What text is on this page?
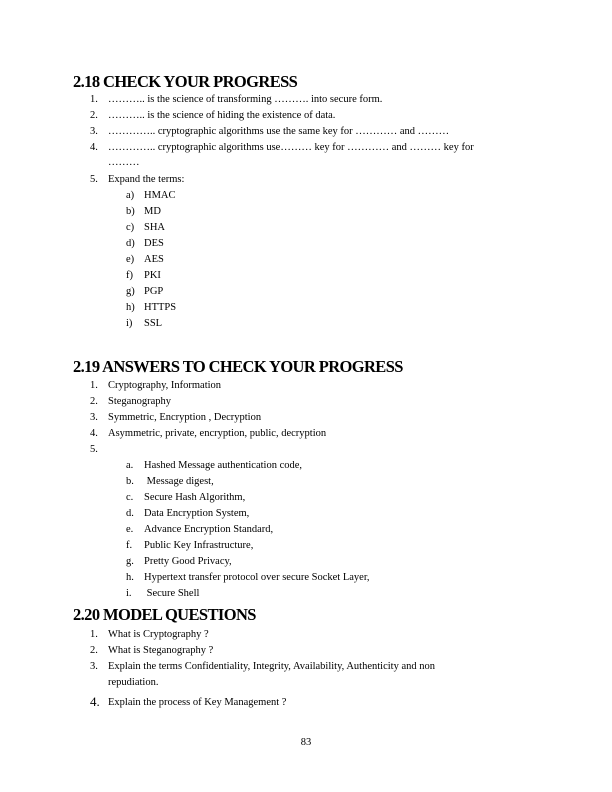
2.18 CHECK YOUR PROGRESS
1. ……….. is the science of transforming ………. into secure form.
2. ……….. is the science of hiding the existence of data.
3. ………….. cryptographic algorithms use the same key for ………… and ………
4. ………….. cryptographic algorithms use……… key for ………… and ……… key for
………
5. Expand the terms:
a) HMAC
b) MD
c) SHA
d) DES
e) AES
f) PKI
g) PGP
h) HTTPS
i) SSL
2.19 ANSWERS TO CHECK YOUR PROGRESS
1. Cryptography, Information
2. Steganography
3. Symmetric, Encryption , Decryption
4. Asymmetric, private, encryption, public, decryption
5.
a. Hashed Message authentication code,
b. Message digest,
c. Secure Hash Algorithm,
d. Data Encryption System,
e. Advance Encryption Standard,
f. Public Key Infrastructure,
g. Pretty Good Privacy,
h. Hypertext transfer protocol over secure Socket Layer,
i. Secure Shell
2.20 MODEL QUESTIONS
1. What is Cryptography ?
2. What is Steganography ?
3. Explain the terms Confidentiality, Integrity, Availability, Authenticity and non
repudiation.
4. Explain the process of Key Management ?
83
